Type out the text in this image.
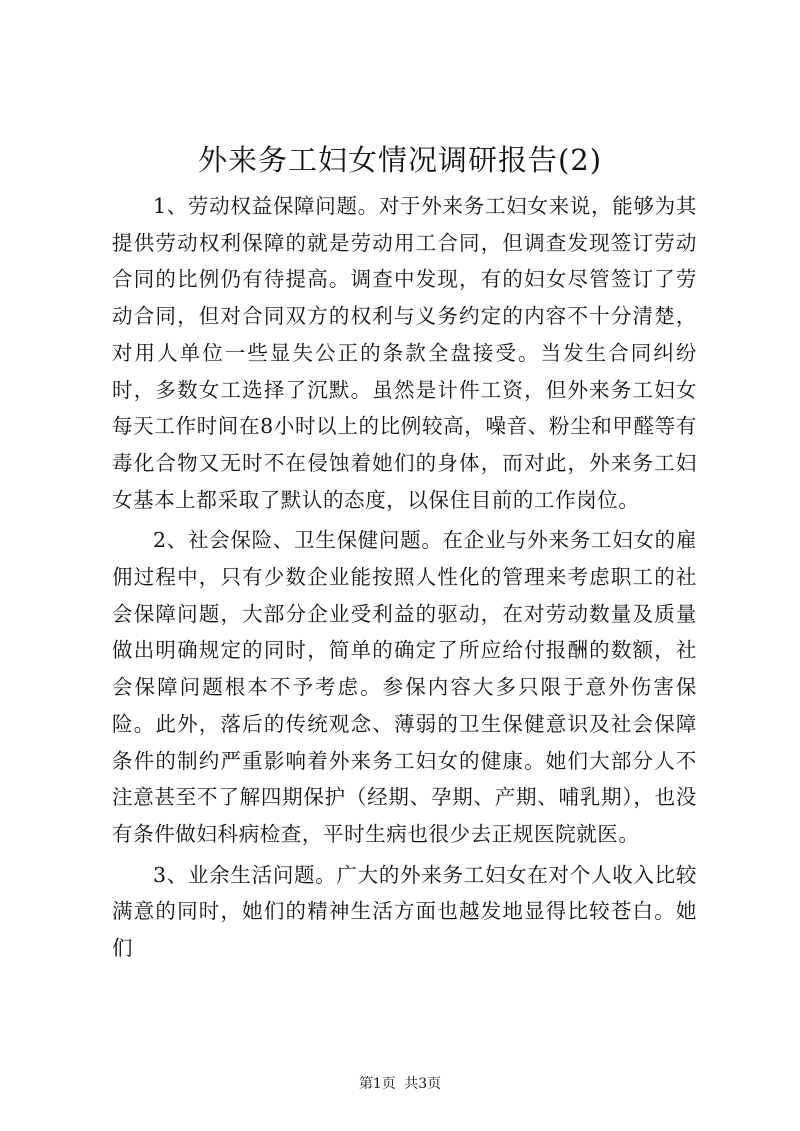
外来务工妇女情况调研报告(2)

1、劳动权益保障问题。对于外来务工妇女来说，能够为其提供劳动权利保障的就是劳动用工合同，但调查发现签订劳动合同的比例仍有待提高。调查中发现，有的妇女尽管签订了劳动合同，但对合同双方的权利与义务约定的内容不十分清楚，对用人单位一些显失公正的条款全盘接受。当发生合同纠纷时，多数女工选择了沉默。虽然是计件工资，但外来务工妇女每天工作时间在8小时以上的比例较高，噪音、粉尘和甲醛等有毒化合物又无时不在侵蚀着她们的身体，而对此，外来务工妇女基本上都采取了默认的态度，以保住目前的工作岗位。

2、社会保险、卫生保健问题。在企业与外来务工妇女的雇佣过程中，只有少数企业能按照人性化的管理来考虑职工的社会保障问题，大部分企业受利益的驱动，在对劳动数量及质量做出明确规定的同时，简单的确定了所应给付报酬的数额，社会保障问题根本不予考虑。参保内容大多只限于意外伤害保险。此外，落后的传统观念、薄弱的卫生保健意识及社会保障条件的制约严重影响着外来务工妇女的健康。她们大部分人不注意甚至不了解四期保护（经期、孕期、产期、哺乳期），也没有条件做妇科病检查，平时生病也很少去正规医院就医。

3、业余生活问题。广大的外来务工妇女在对个人收入比较满意的同时，她们的精神生活方面也越发地显得比较苍白。她们

第1页 共3页
